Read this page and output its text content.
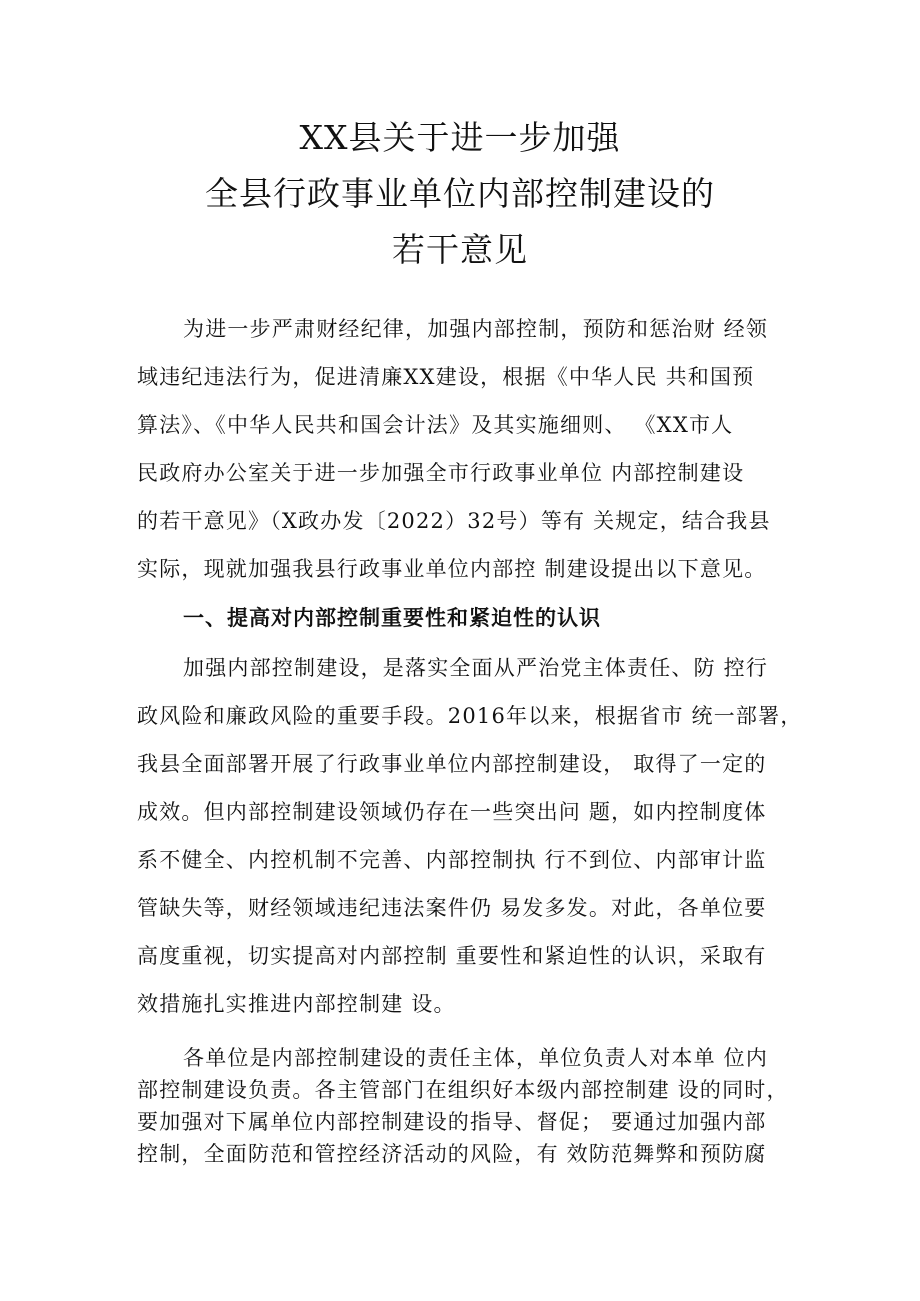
XX县关于进一步加强
全县行政事业单位内部控制建设的
若干意见
为进一步严肃财经纪律，加强内部控制，预防和惩治财 经领
域违纪违法行为，促进清廉XX建设，根据《中华人民 共和国预
算法》、《中华人民共和国会计法》及其实施细则、 《XX市人
民政府办公室关于进一步加强全市行政事业单位 内部控制建设
的若干意见》（X政办发〔2022）32号）等有 关规定，结合我县
实际，现就加强我县行政事业单位内部控 制建设提出以下意见。
一、提高对内部控制重要性和紧迫性的认识
加强内部控制建设，是落实全面从严治党主体责任、防 控行
政风险和廉政风险的重要手段。2016年以来，根据省市 统一部署，
我县全面部署开展了行政事业单位内部控制建设， 取得了一定的
成效。但内部控制建设领域仍存在一些突出问 题，如内控制度体
系不健全、内控机制不完善、内部控制执 行不到位、内部审计监
管缺失等，财经领域违纪违法案件仍 易发多发。对此，各单位要
高度重视，切实提高对内部控制 重要性和紧迫性的认识，采取有
效措施扎实推进内部控制建 设。
各单位是内部控制建设的责任主体，单位负责人对本单 位内
部控制建设负责。各主管部门在组织好本级内部控制建 设的同时，
要加强对下属单位内部控制建设的指导、督促； 要通过加强内部
控制，全面防范和管控经济活动的风险，有 效防范舞弊和预防腐
